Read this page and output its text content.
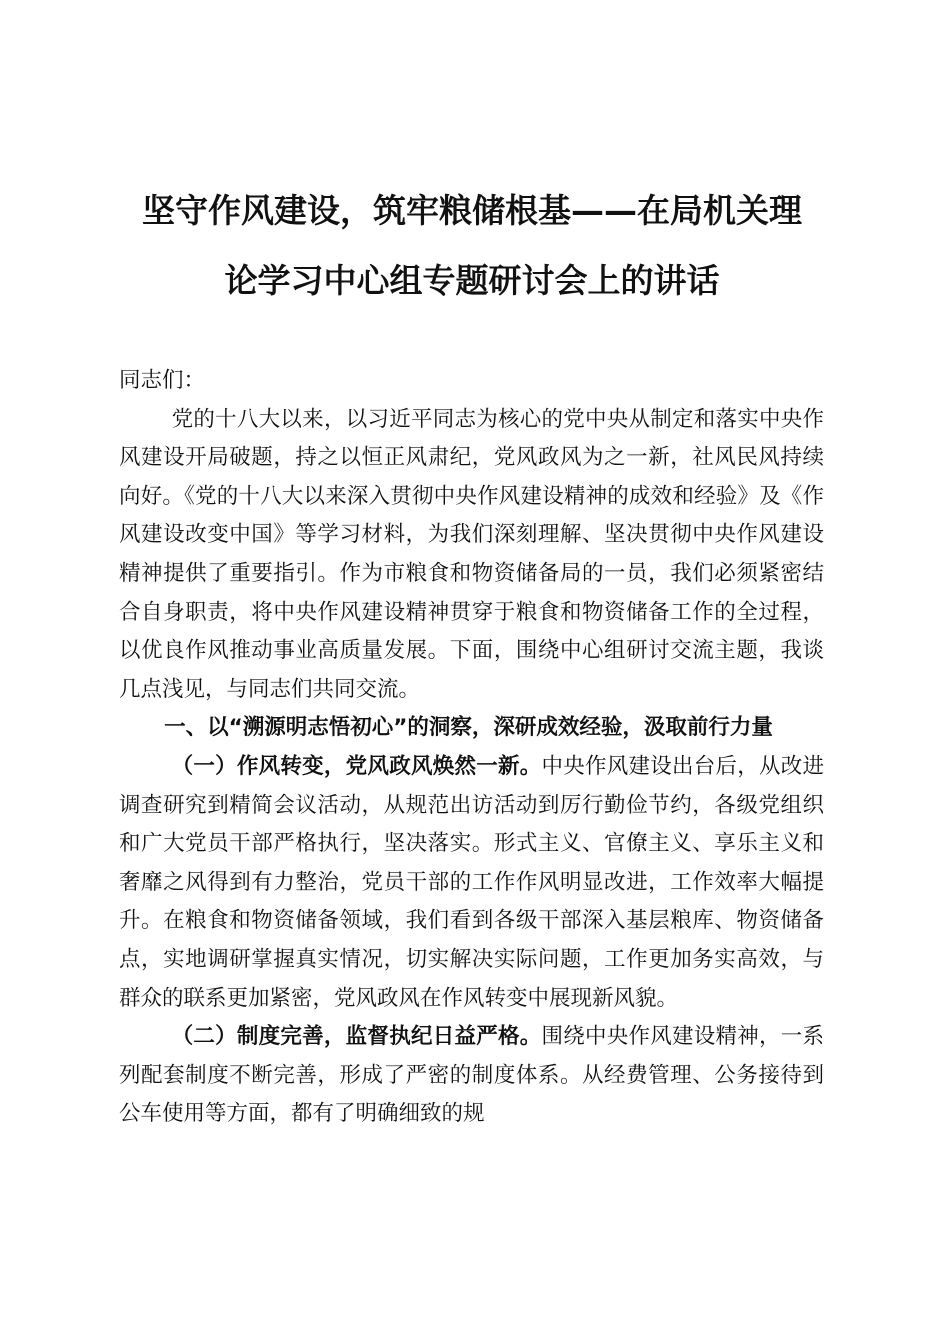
坚守作风建设，筑牢粮储根基——在局机关理
论学习中心组专题研讨会上的讲话

同志们：

党的十八大以来，以习近平同志为核心的党中央从制定和落实中央作风建设开局破题，持之以恒正风肃纪，党风政风为之一新，社风民风持续向好。《党的十八大以来深入贯彻中央作风建设精神的成效和经验》及《作风建设改变中国》等学习材料，为我们深刻理解、坚决贯彻中央作风建设精神提供了重要指引。作为市粮食和物资储备局的一员，我们必须紧密结合自身职责，将中央作风建设精神贯穿于粮食和物资储备工作的全过程，以优良作风推动事业高质量发展。下面，围绕中心组研讨交流主题，我谈几点浅见，与同志们共同交流。

一、以“溯源明志悟初心”的洞察，深研成效经验，汲取前行力量

（一）作风转变，党风政风焕然一新。中央作风建设出台后，从改进调查研究到精简会议活动，从规范出访活动到厉行勤俭节约，各级党组织和广大党员干部严格执行，坚决落实。形式主义、官僚主义、享乐主义和奢靡之风得到有力整治，党员干部的工作作风明显改进，工作效率大幅提升。在粮食和物资储备领域，我们看到各级干部深入基层粮库、物资储备点，实地调研掌握真实情况，切实解决实际问题，工作更加务实高效，与群众的联系更加紧密，党风政风在作风转变中展现新风貌。

（二）制度完善，监督执纪日益严格。围绕中央作风建设精神，一系列配套制度不断完善，形成了严密的制度体系。从经费管理、公务接待到公车使用等方面，都有了明确细致的规
